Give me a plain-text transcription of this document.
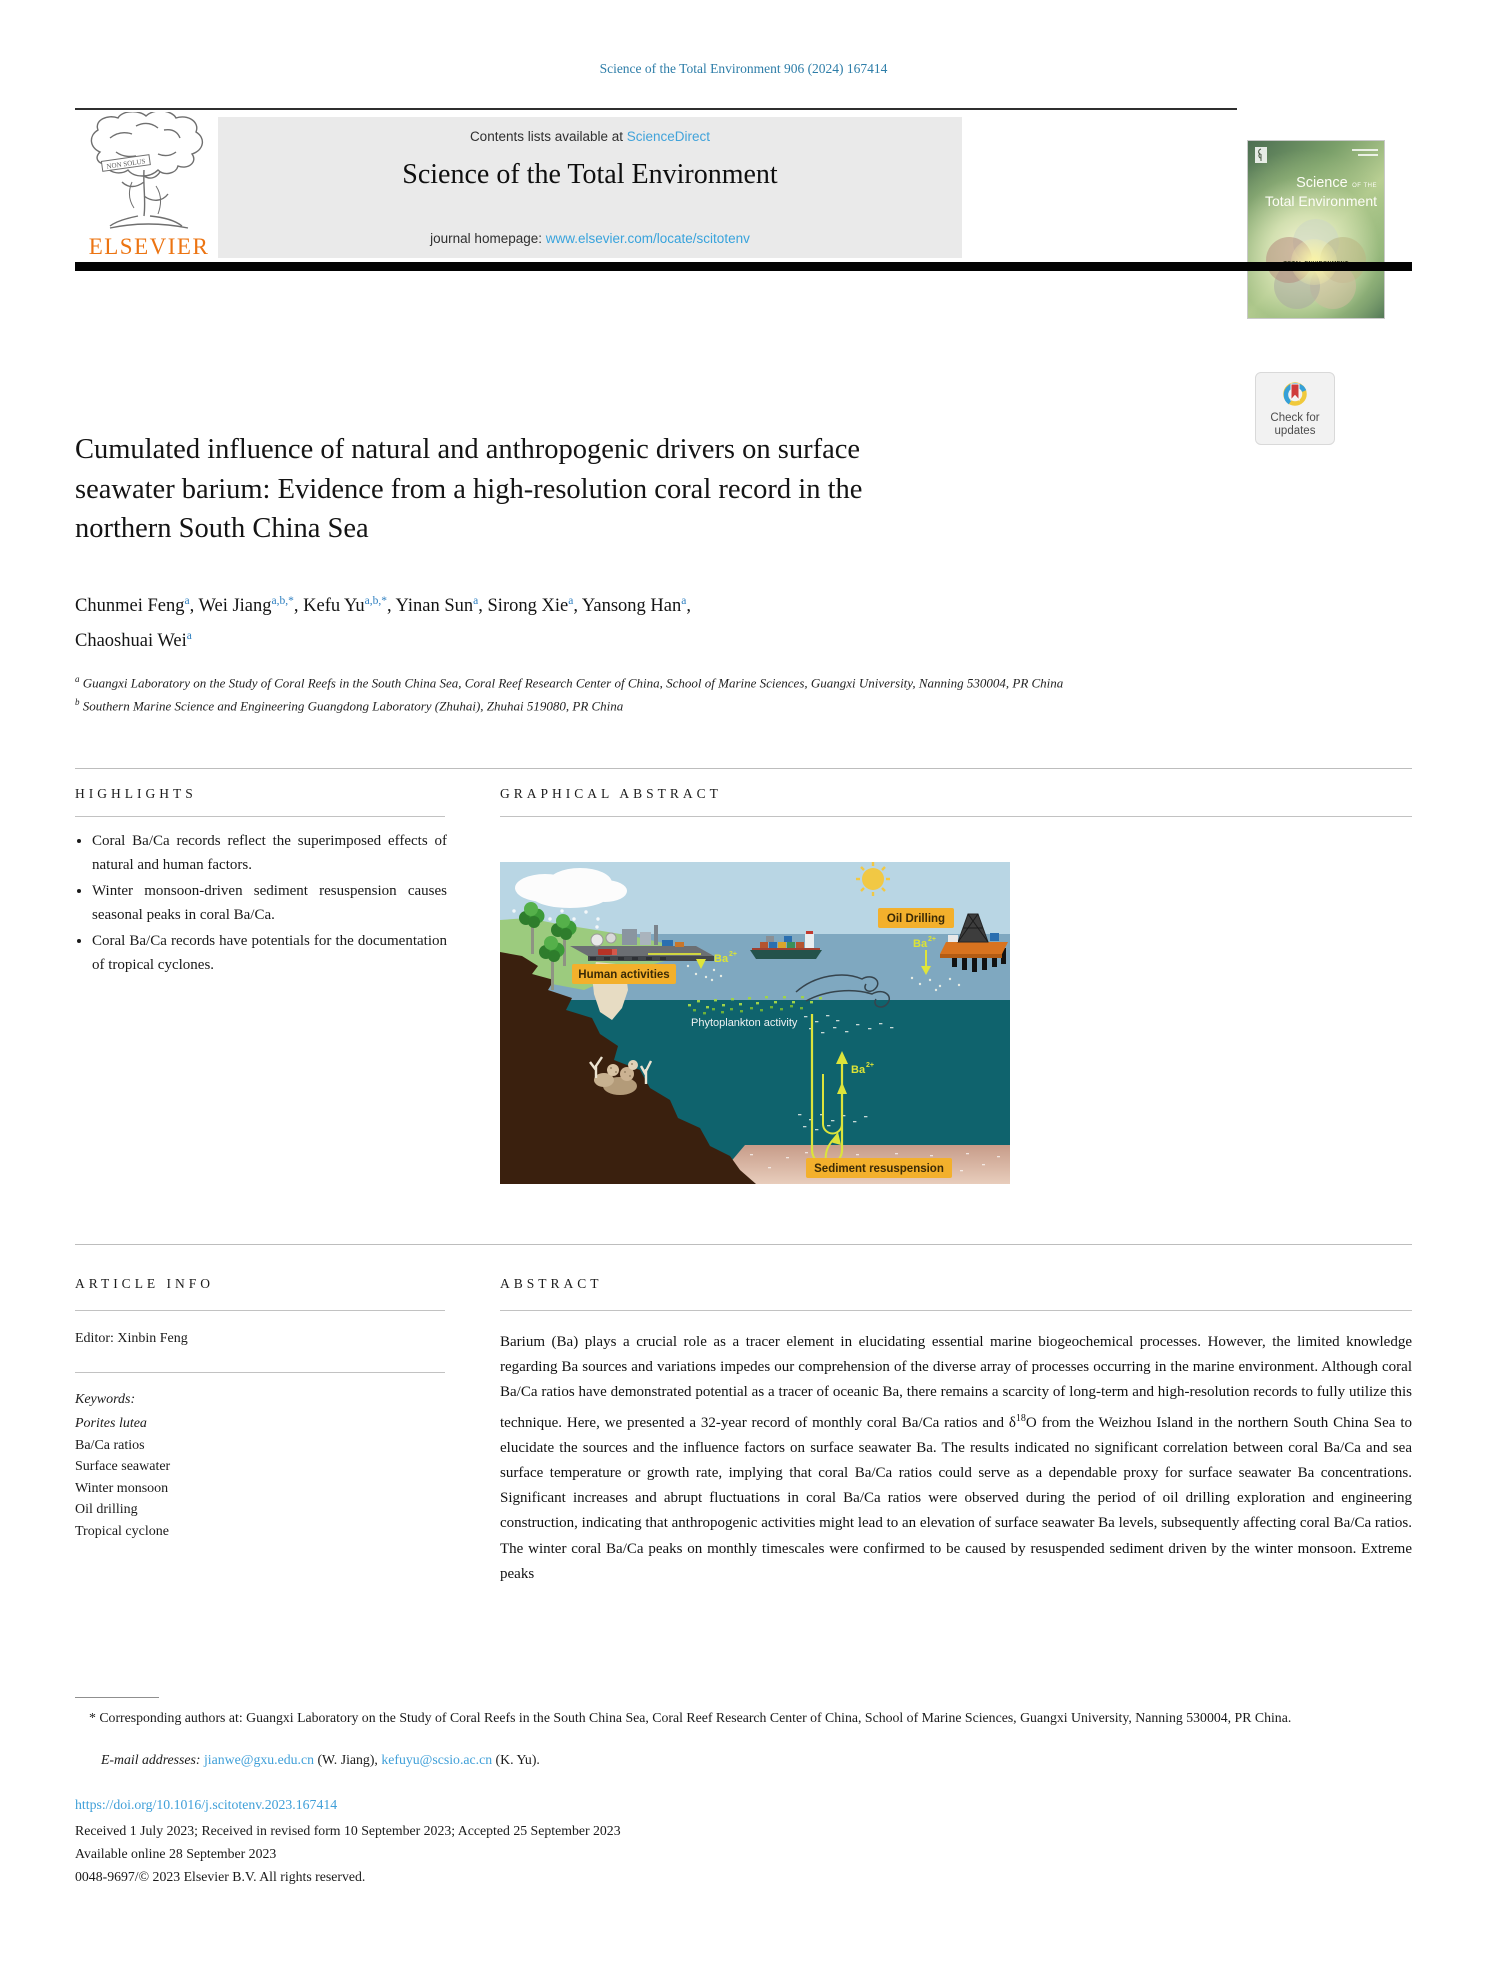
Science of the Total Environment 906 (2024) 167414
NON SOLUS
ELSEVIER
Contents lists available at ScienceDirect
Science of the Total Environment
journal homepage: www.elsevier.com/locate/scitotenv
Science OF THE
Total Environment
Check for
updates
Cumulated influence of natural and anthropogenic drivers on surface
seawater barium: Evidence from a high-resolution coral record in the
northern South China Sea
Chunmei Feng$^a$, Wei Jiang$^{a,b,*}$, Kefu $Yu^{a,b,*}$, Yinan Sun$^a$, Sirong Xie$^a$, Yansong Han$^a$,
Chaoshuai Wei$^a$
$^a$ Guangxi Laboratory on the Study of Coral Reefs in the South China Sea, Coral Reef Research Center of China, School of Marine Sciences, Guangxi University, Nanning 530004, PR China
$^b$ Southern Marine Science and Engineering Guangdong Laboratory (Zhuhai), Zhuhai 519080, PR China
HIGHLIGHTS
• Coral Ba/Ca records reflect the superimposed effects of natural and human factors.
• Winter monsoon-driven sediment resuspension causes seasonal peaks in coral Ba/Ca.
• Coral Ba/Ca records have potentials for the documentation of tropical cyclones.
GRAPHICAL ABSTRACT
Ba 2+
Human activities
Oil Drilling
Ba 2+
Phytoplankton activity
Ba 2+
Sediment resuspension
ARTICLE INFO
Editor: Xinbin Feng
Keywords:
Porites lutea
Ba/Ca ratios
Surface seawater
Winter monsoon
Oil drilling
Tropical cyclone
ABSTRACT
Barium (Ba) plays a crucial role as a tracer element in elucidating essential marine biogeochemical processes. However, the limited knowledge regarding Ba sources and variations impedes our comprehension of the diverse array of processes occurring in the marine environment. Although coral Ba/Ca ratios have demonstrated potential as a tracer of oceanic Ba, there remains a scarcity of long-term and high-resolution records to fully utilize this technique. Here, we presented a 32-year record of monthly coral Ba/Ca ratios and $\delta^{18}O$ from the Weizhou Island in the northern South China Sea to elucidate the sources and the influence factors on surface seawater Ba. The results indicated no significant correlation between coral Ba/Ca and sea surface temperature or growth rate, implying that coral Ba/Ca ratios could serve as a dependable proxy for surface seawater Ba concentrations. Significant increases and abrupt fluctuations in coral Ba/Ca ratios were observed during the period of oil drilling exploration and engineering construction, indicating that anthropogenic activities might lead to an elevation of surface seawater Ba levels, subsequently affecting coral Ba/Ca ratios. The winter coral Ba/Ca peaks on monthly timescales were confirmed to be caused by resuspended sediment driven by the winter monsoon. Extreme peaks
* Corresponding authors at: Guangxi Laboratory on the Study of Coral Reefs in the South China Sea, Coral Reef Research Center of China, School of Marine Sciences, Guangxi University, Nanning 530004, PR China.
E-mail addresses: jianwe@gxu.edu.cn (W. Jiang), kefuyu@scsio.ac.cn (K. Yu).
https://doi.org/10.1016/j.scitotenv.2023.167414
Received 1 July 2023; Received in revised form 10 September 2023; Accepted 25 September 2023
Available online 28 September 2023
0048-9697/© 2023 Elsevier B.V. All rights reserved.
